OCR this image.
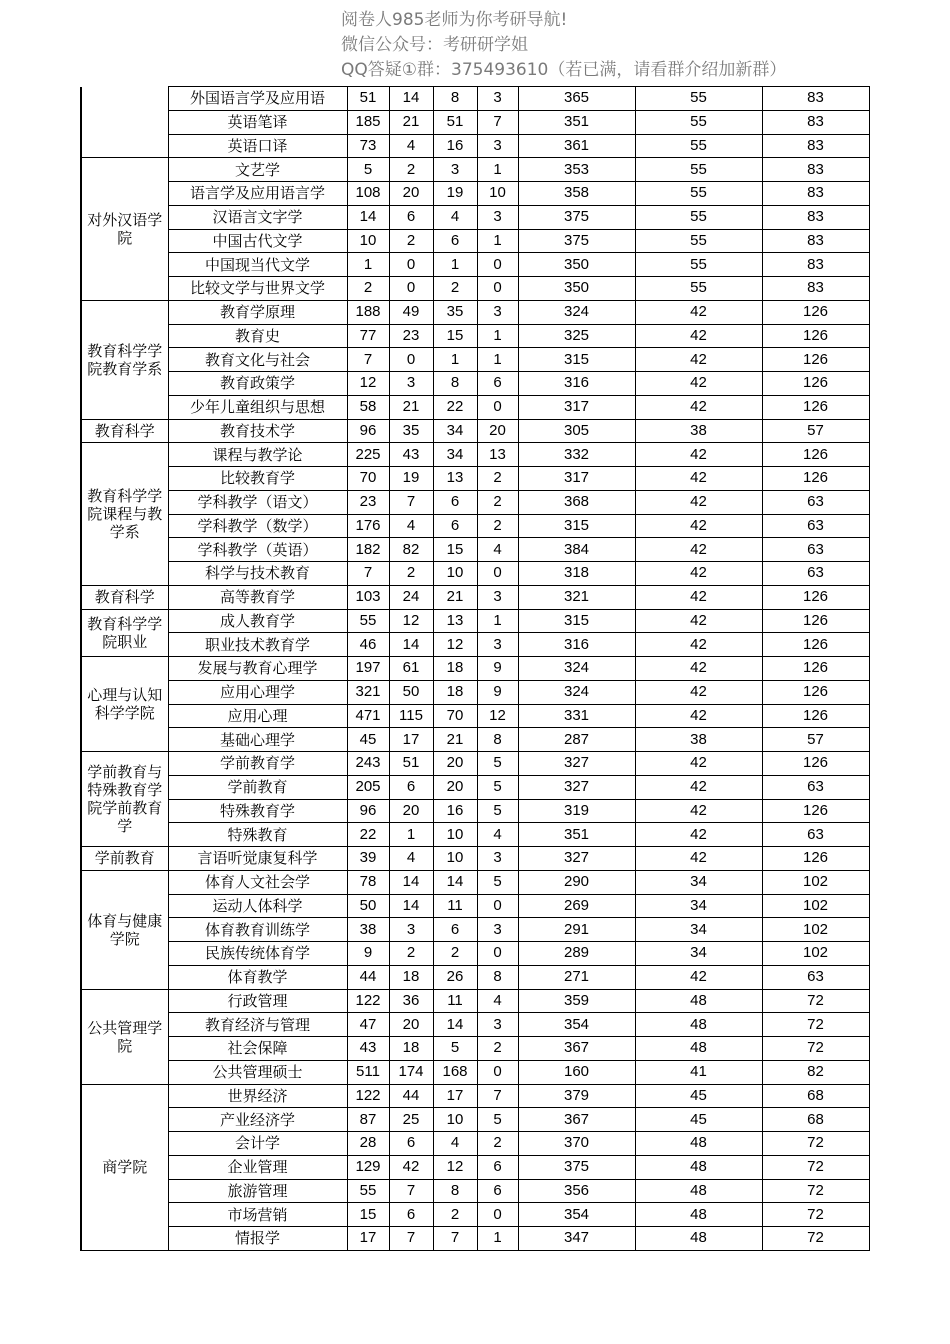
阅卷人985老师为你考研导航!
微信公众号：考研研学姐
QQ答疑①群：375493610（若已满，请看群介绍加新群）
	外国语言学及应用语	51	14	8	3	365	55	83
	英语笔译	185	21	51	7	351	55	83
	英语口译	73	4	16	3	361	55	83

对外汉语学院	文艺学	5	2	3	1	353	55	83
	语言学及应用语言学	108	20	19	10	358	55	83
	汉语言文字学	14	6	4	3	375	55	83
	中国古代文学	10	2	6	1	375	55	83
	中国现当代文学	1	0	1	0	350	55	83
	比较文学与世界文学	2	0	2	0	350	55	83

教育科学学院教育学系	教育学原理	188	49	35	3	324	42	126
	教育史	77	23	15	1	325	42	126
	教育文化与社会	7	0	1	1	315	42	126
	教育政策学	12	3	8	6	316	42	126
	少年儿童组织与思想	58	21	22	0	317	42	126

教育科学	教育技术学	96	35	34	20	305	38	57

教育科学学院课程与教学系	课程与教学论	225	43	34	13	332	42	126
	比较教育学	70	19	13	2	317	42	126
	学科教学（语文）	23	7	6	2	368	42	63
	学科教学（数学）	176	4	6	2	315	42	63
	学科教学（英语）	182	82	15	4	384	42	63
	科学与技术教育	7	2	10	0	318	42	63

教育科学	高等教育学	103	24	21	3	321	42	126

教育科学学院职业	成人教育学	55	12	13	1	315	42	126
	职业技术教育学	46	14	12	3	316	42	126

心理与认知科学学院	发展与教育心理学	197	61	18	9	324	42	126
	应用心理学	321	50	18	9	324	42	126
	应用心理	471	115	70	12	331	42	126
	基础心理学	45	17	21	8	287	38	57

学前教育与特殊教育学院学前教育学	学前教育学	243	51	20	5	327	42	126
	学前教育	205	6	20	5	327	42	63
	特殊教育学	96	20	16	5	319	42	126
	特殊教育	22	1	10	4	351	42	63

学前教育	言语听觉康复科学	39	4	10	3	327	42	126

体育与健康学院	体育人文社会学	78	14	14	5	290	34	102
	运动人体科学	50	14	11	0	269	34	102
	体育教育训练学	38	3	6	3	291	34	102
	民族传统体育学	9	2	2	0	289	34	102
	体育教学	44	18	26	8	271	42	63

公共管理学院	行政管理	122	36	11	4	359	48	72
	教育经济与管理	47	20	14	3	354	48	72
	社会保障	43	18	5	2	367	48	72
	公共管理硕士	511	174	168	0	160	41	82

商学院	世界经济	122	44	17	7	379	45	68
	产业经济学	87	25	10	5	367	45	68
	会计学	28	6	4	2	370	48	72
	企业管理	129	42	12	6	375	48	72
	旅游管理	55	7	8	6	356	48	72
	市场营销	15	6	2	0	354	48	72
	情报学	17	7	7	1	347	48	72
